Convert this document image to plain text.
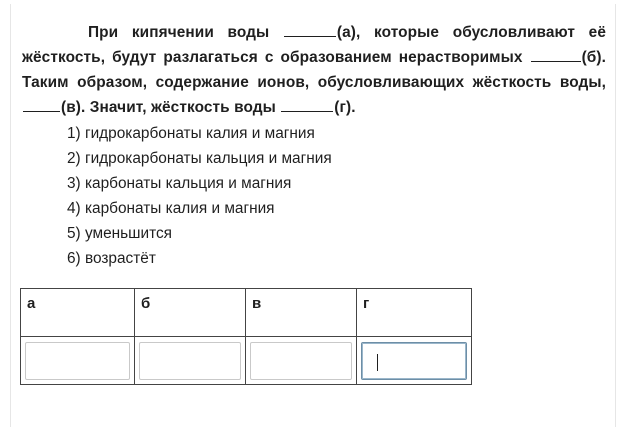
При кипячении воды	(а), которые обусловливают её жёсткость, будут разлагаться с образованием нерастворимых	(б). Таким образом, содержание ионов, обусловливающих жёсткость воды, (в). Значит, жёсткость воды	(г).

1) гидрокарбонаты калия и магния
2) гидрокарбонаты кальция и магния
3) карбонаты кальция и магния
4) карбонаты калия и магния
5) уменьшится
6) возрастёт
а	б	в	г
